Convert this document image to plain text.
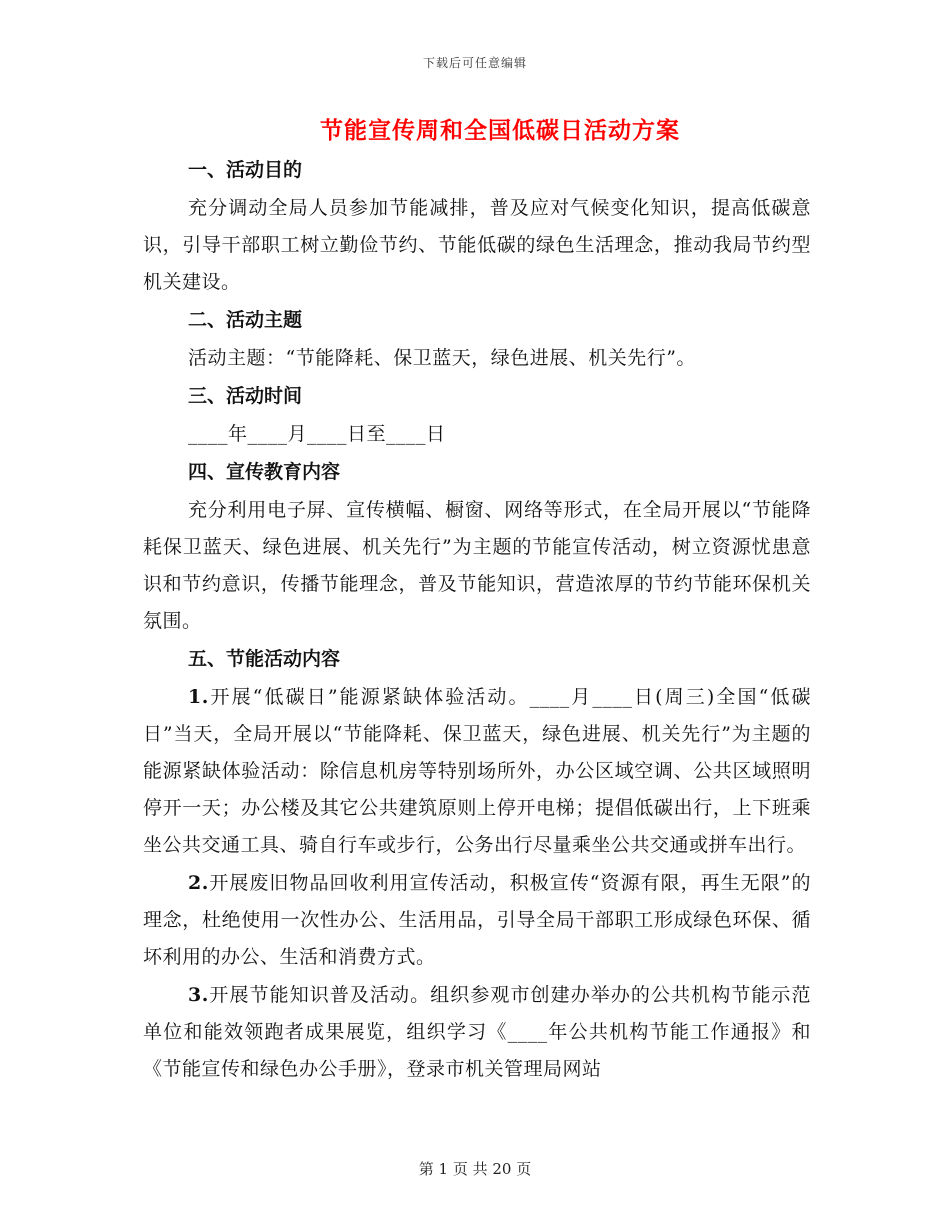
下载后可任意编辑
节能宣传周和全国低碳日活动方案
一、活动目的
充分调动全局人员参加节能减排，普及应对气候变化知识，提高低碳意识，引导干部职工树立勤俭节约、节能低碳的绿色生活理念，推动我局节约型机关建设。
二、活动主题
活动主题：“节能降耗、保卫蓝天，绿色进展、机关先行”。
三、活动时间
____年____月____日至____日
四、宣传教育内容
充分利用电子屏、宣传横幅、橱窗、网络等形式，在全局开展以“节能降耗保卫蓝天、绿色进展、机关先行”为主题的节能宣传活动，树立资源忧患意识和节约意识，传播节能理念，普及节能知识，营造浓厚的节约节能环保机关氛围。
五、节能活动内容
1.开展“低碳日”能源紧缺体验活动。____月____日(周三)全国“低碳日”当天，全局开展以“节能降耗、保卫蓝天，绿色进展、机关先行”为主题的能源紧缺体验活动：除信息机房等特别场所外，办公区域空调、公共区域照明停开一天；办公楼及其它公共建筑原则上停开电梯；提倡低碳出行，上下班乘坐公共交通工具、骑自行车或步行，公务出行尽量乘坐公共交通或拼车出行。
2.开展废旧物品回收利用宣传活动，积极宣传“资源有限，再生无限”的理念，杜绝使用一次性办公、生活用品，引导全局干部职工形成绿色环保、循坏利用的办公、生活和消费方式。
3.开展节能知识普及活动。组织参观市创建办举办的公共机构节能示范单位和能效领跑者成果展览，组织学习《____年公共机构节能工作通报》和《节能宣传和绿色办公手册》，登录市机关管理局网站
第 1 页 共 20 页
